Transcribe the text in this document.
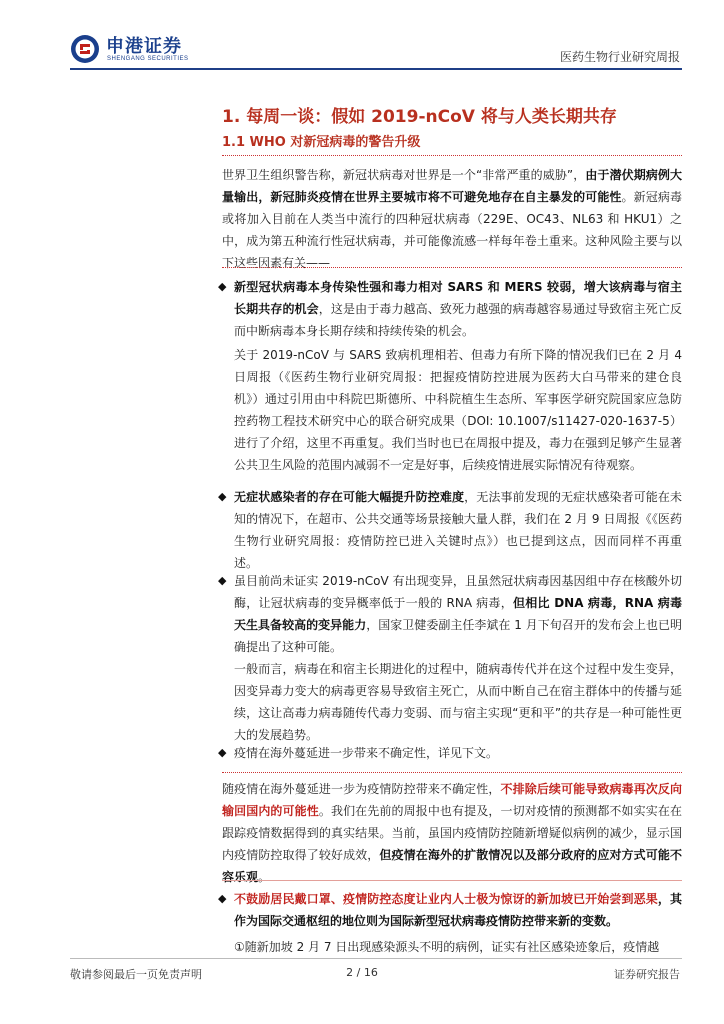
申港证券
SHENGANG SECURITIES	医药生物行业研究周报
1. 每周一谈：假如 2019-nCoV 将与人类长期共存
1.1 WHO 对新冠病毒的警告升级
世界卫生组织警告称，新冠状病毒对世界是一个“非常严重的威胁”，由于潜伏期病例大量输出，新冠肺炎疫情在世界主要城市将不可避免地存在自主暴发的可能性。新冠病毒或将加入目前在人类当中流行的四种冠状病毒（229E、OC43、NL63 和 HKU1）之中，成为第五种流行性冠状病毒，并可能像流感一样每年卷土重来。这种风险主要与以下这些因素有关——
◆ 新型冠状病毒本身传染性强和毒力相对 SARS 和 MERS 较弱，增大该病毒与宿主长期共存的机会，这是由于毒力越高、致死力越强的病毒越容易通过导致宿主死亡反而中断病毒本身长期存续和持续传染的机会。
关于 2019-nCoV 与 SARS 致病机理相若、但毒力有所下降的情况我们已在 2 月 4 日周报（《医药生物行业研究周报：把握疫情防控进展为医药大白马带来的建仓良机》）通过引用由中科院巴斯德所、中科院植生生态所、军事医学研究院国家应急防控药物工程技术研究中心的联合研究成果（DOI: 10.1007/s11427-020-1637-5）进行了介绍，这里不再重复。我们当时也已在周报中提及，毒力在强到足够产生显著公共卫生风险的范围内减弱不一定是好事，后续疫情进展实际情况有待观察。
◆ 无症状感染者的存在可能大幅提升防控难度，无法事前发现的无症状感染者可能在未知的情况下，在超市、公共交通等场景接触大量人群，我们在 2 月 9 日周报《《医药生物行业研究周报：疫情防控已进入关键时点》）也已提到这点，因而同样不再重述。
◆ 虽目前尚未证实 2019-nCoV 有出现变异，且虽然冠状病毒因基因组中存在核酸外切酶，让冠状病毒的变异概率低于一般的 RNA 病毒，但相比 DNA 病毒，RNA 病毒天生具备较高的变异能力，国家卫健委副主任李斌在 1 月下旬召开的发布会上也已明确提出了这种可能。
一般而言，病毒在和宿主长期进化的过程中，随病毒传代并在这个过程中发生变异，因变异毒力变大的病毒更容易导致宿主死亡，从而中断自己在宿主群体中的传播与延续，这让高毒力病毒随传代毒力变弱、而与宿主实现“更和平”的共存是一种可能性更大的发展趋势。
◆ 疫情在海外蔓延进一步带来不确定性，详见下文。
随疫情在海外蔓延进一步为疫情防控带来不确定性，不排除后续可能导致病毒再次反向输回国内的可能性。我们在先前的周报中也有提及，一切对疫情的预测都不如实实在在跟踪疫情数据得到的真实结果。当前，虽国内疫情防控随新增疑似病例的减少，显示国内疫情防控取得了较好成效，但疫情在海外的扩散情况以及部分政府的应对方式可能不容乐观。
◆ 不鼓励居民戴口罩、疫情防控态度让业内人士极为惊讶的新加坡已开始尝到恶果，其作为国际交通枢纽的地位则为国际新型冠状病毒疫情防控带来新的变数。
①随新加坡 2 月 7 日出现感染源头不明的病例，证实有社区感染迹象后，疫情越
敬请参阅最后一页免责声明	2 / 16	证券研究报告
